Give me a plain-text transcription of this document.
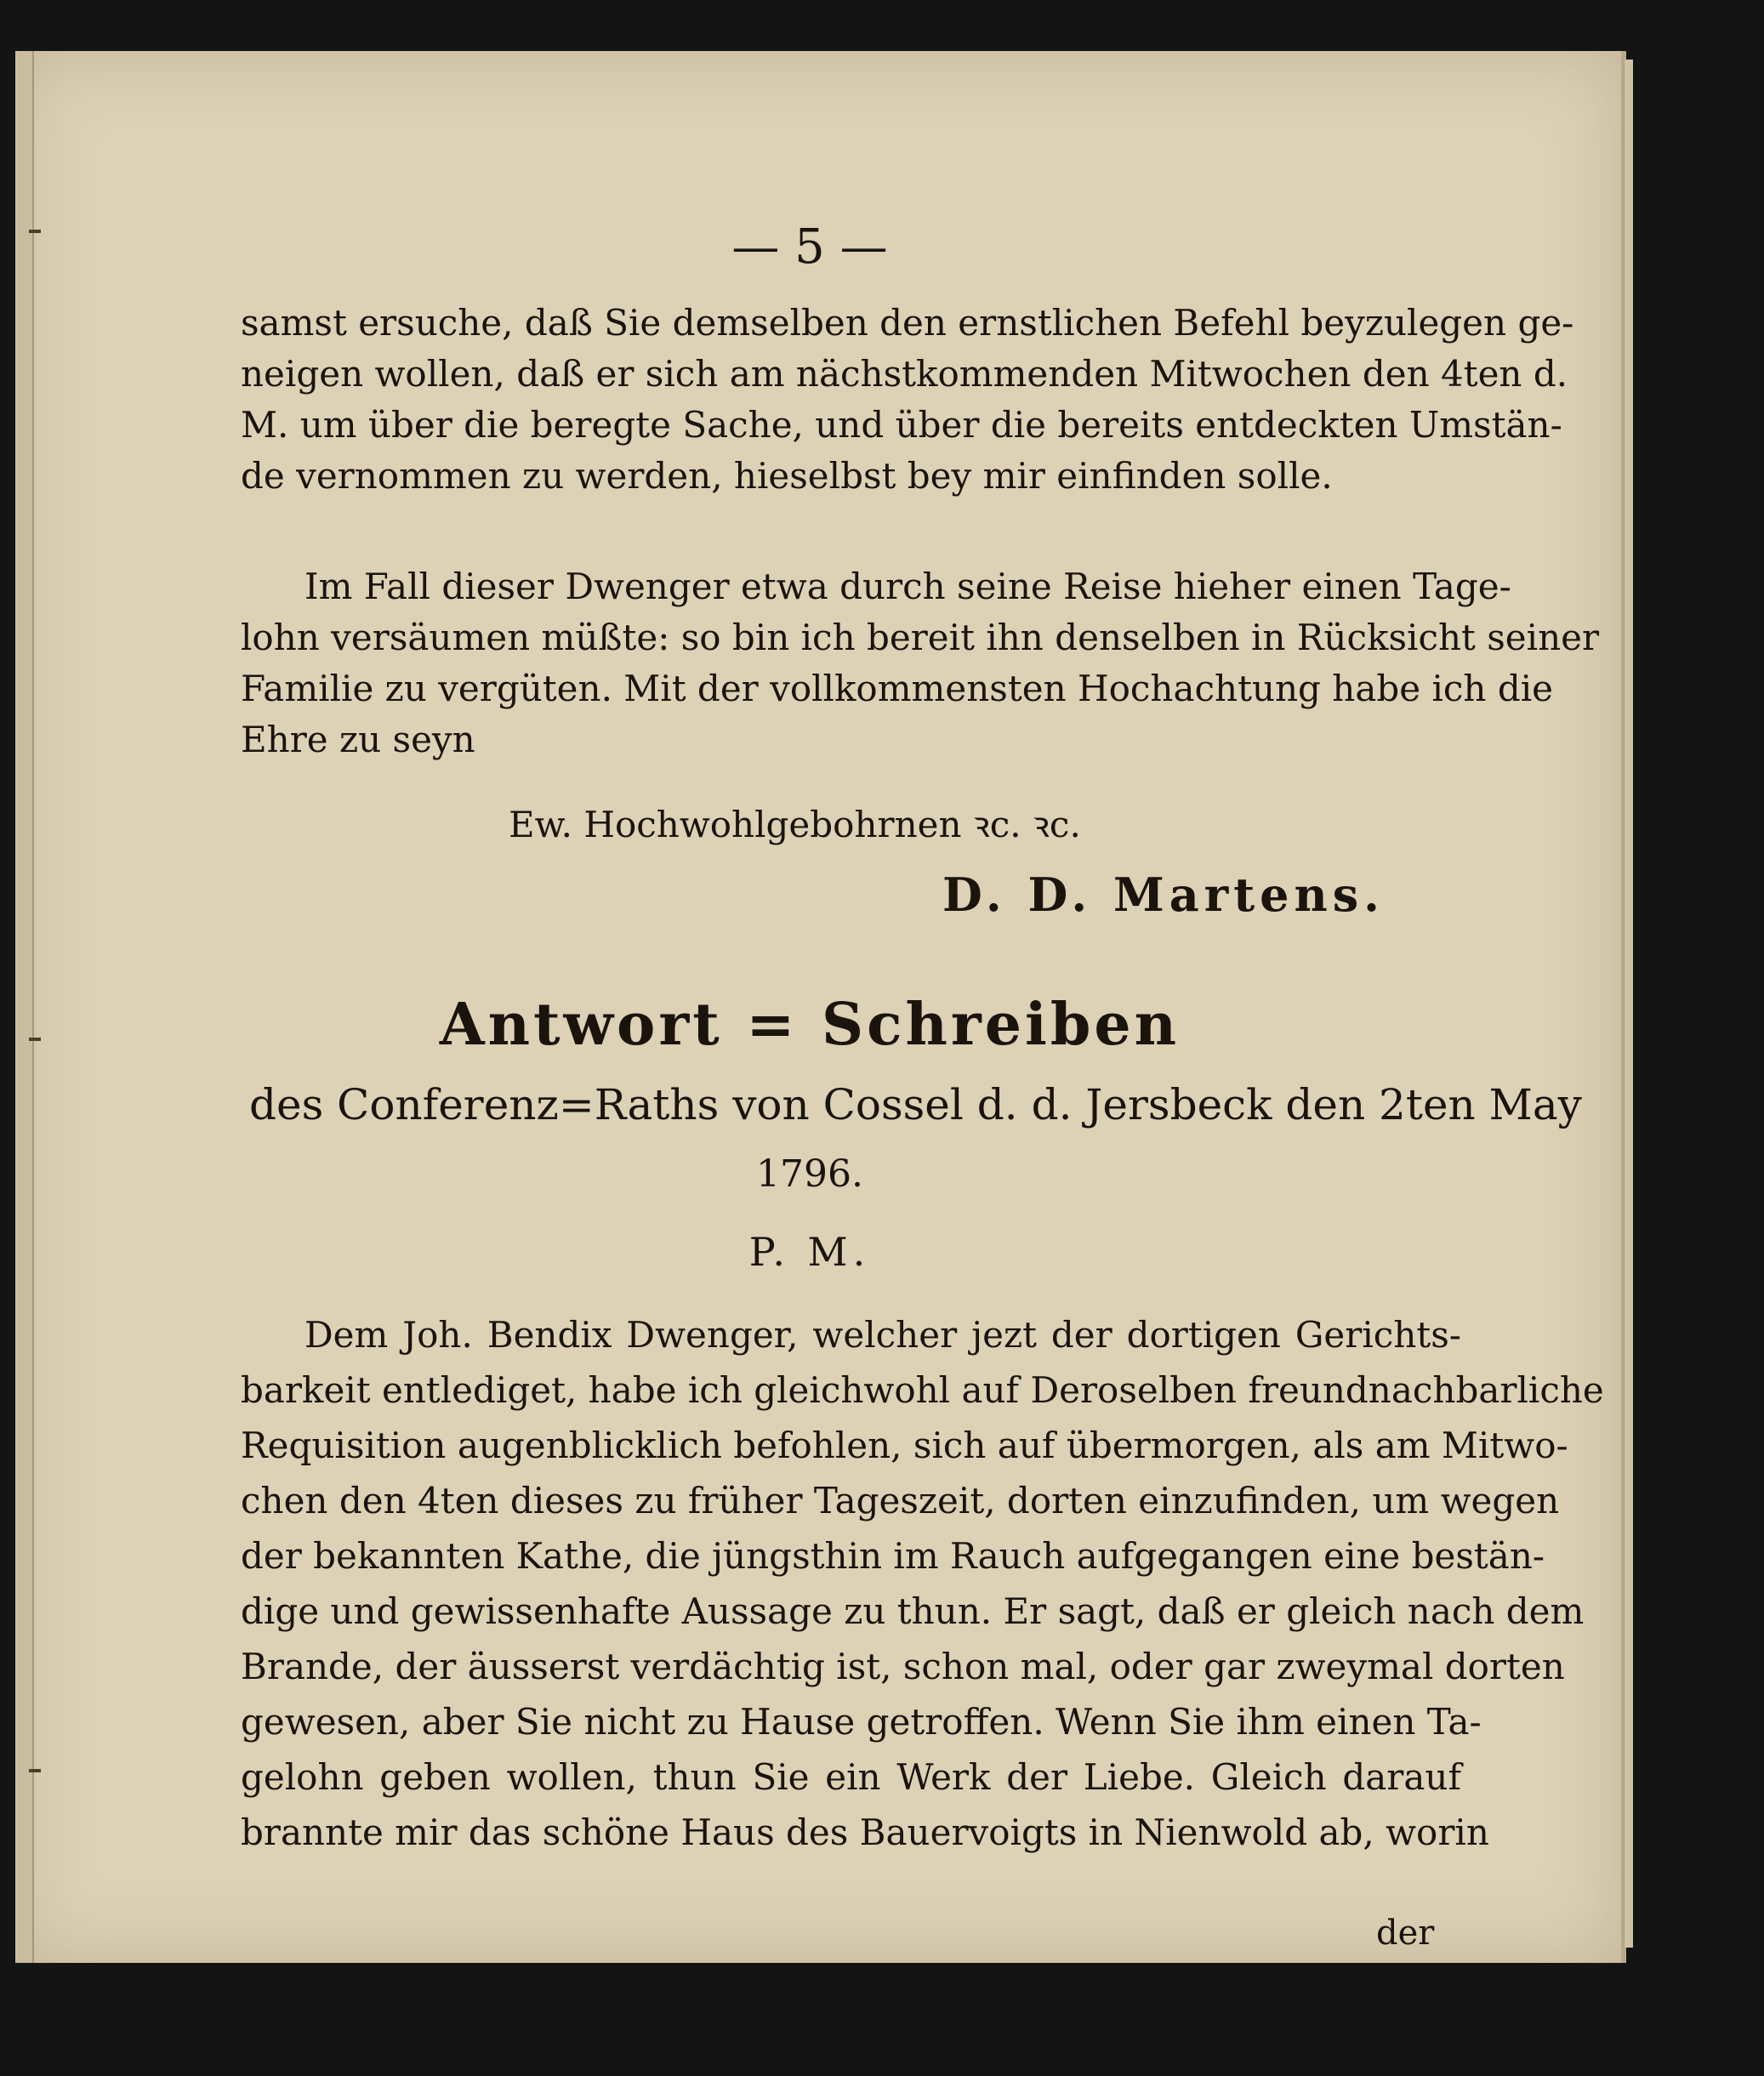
— 5 —
samst ersuche, daß Sie demselben den ernstlichen Befehl beyzulegen ge-
neigen wollen, daß er sich am nächstkommenden Mitwochen den 4ten d.
M. um über die beregte Sache, und über die bereits entdeckten Umstän-
de vernommen zu werden, hieselbst bey mir einfinden solle.
Im Fall dieser Dwenger etwa durch seine Reise hieher einen Tage-
lohn versäumen müßte: so bin ich bereit ihn denselben in Rücksicht seiner
Familie zu vergüten. Mit der vollkommensten Hochachtung habe ich die
Ehre zu seyn
Ew. Hochwohlgebohrnen ꝛc. ꝛc.
D. D. Martens.
Antwort = Schreiben
des Conferenz=Raths von Cossel d. d. Jersbeck den 2ten May
1796.
P. M.
Dem Joh. Bendix Dwenger, welcher jezt der dortigen Gerichts-
barkeit entlediget, habe ich gleichwohl auf Deroselben freundnachbarliche
Requisition augenblicklich befohlen, sich auf übermorgen, als am Mitwo-
chen den 4ten dieses zu früher Tageszeit, dorten einzufinden, um wegen
der bekannten Kathe, die jüngsthin im Rauch aufgegangen eine bestän-
dige und gewissenhafte Aussage zu thun. Er sagt, daß er gleich nach dem
Brande, der äusserst verdächtig ist, schon mal, oder gar zweymal dorten
gewesen, aber Sie nicht zu Hause getroffen. Wenn Sie ihm einen Ta-
gelohn geben wollen, thun Sie ein Werk der Liebe. Gleich darauf
brannte mir das schöne Haus des Bauervoigts in Nienwold ab, worin
der
